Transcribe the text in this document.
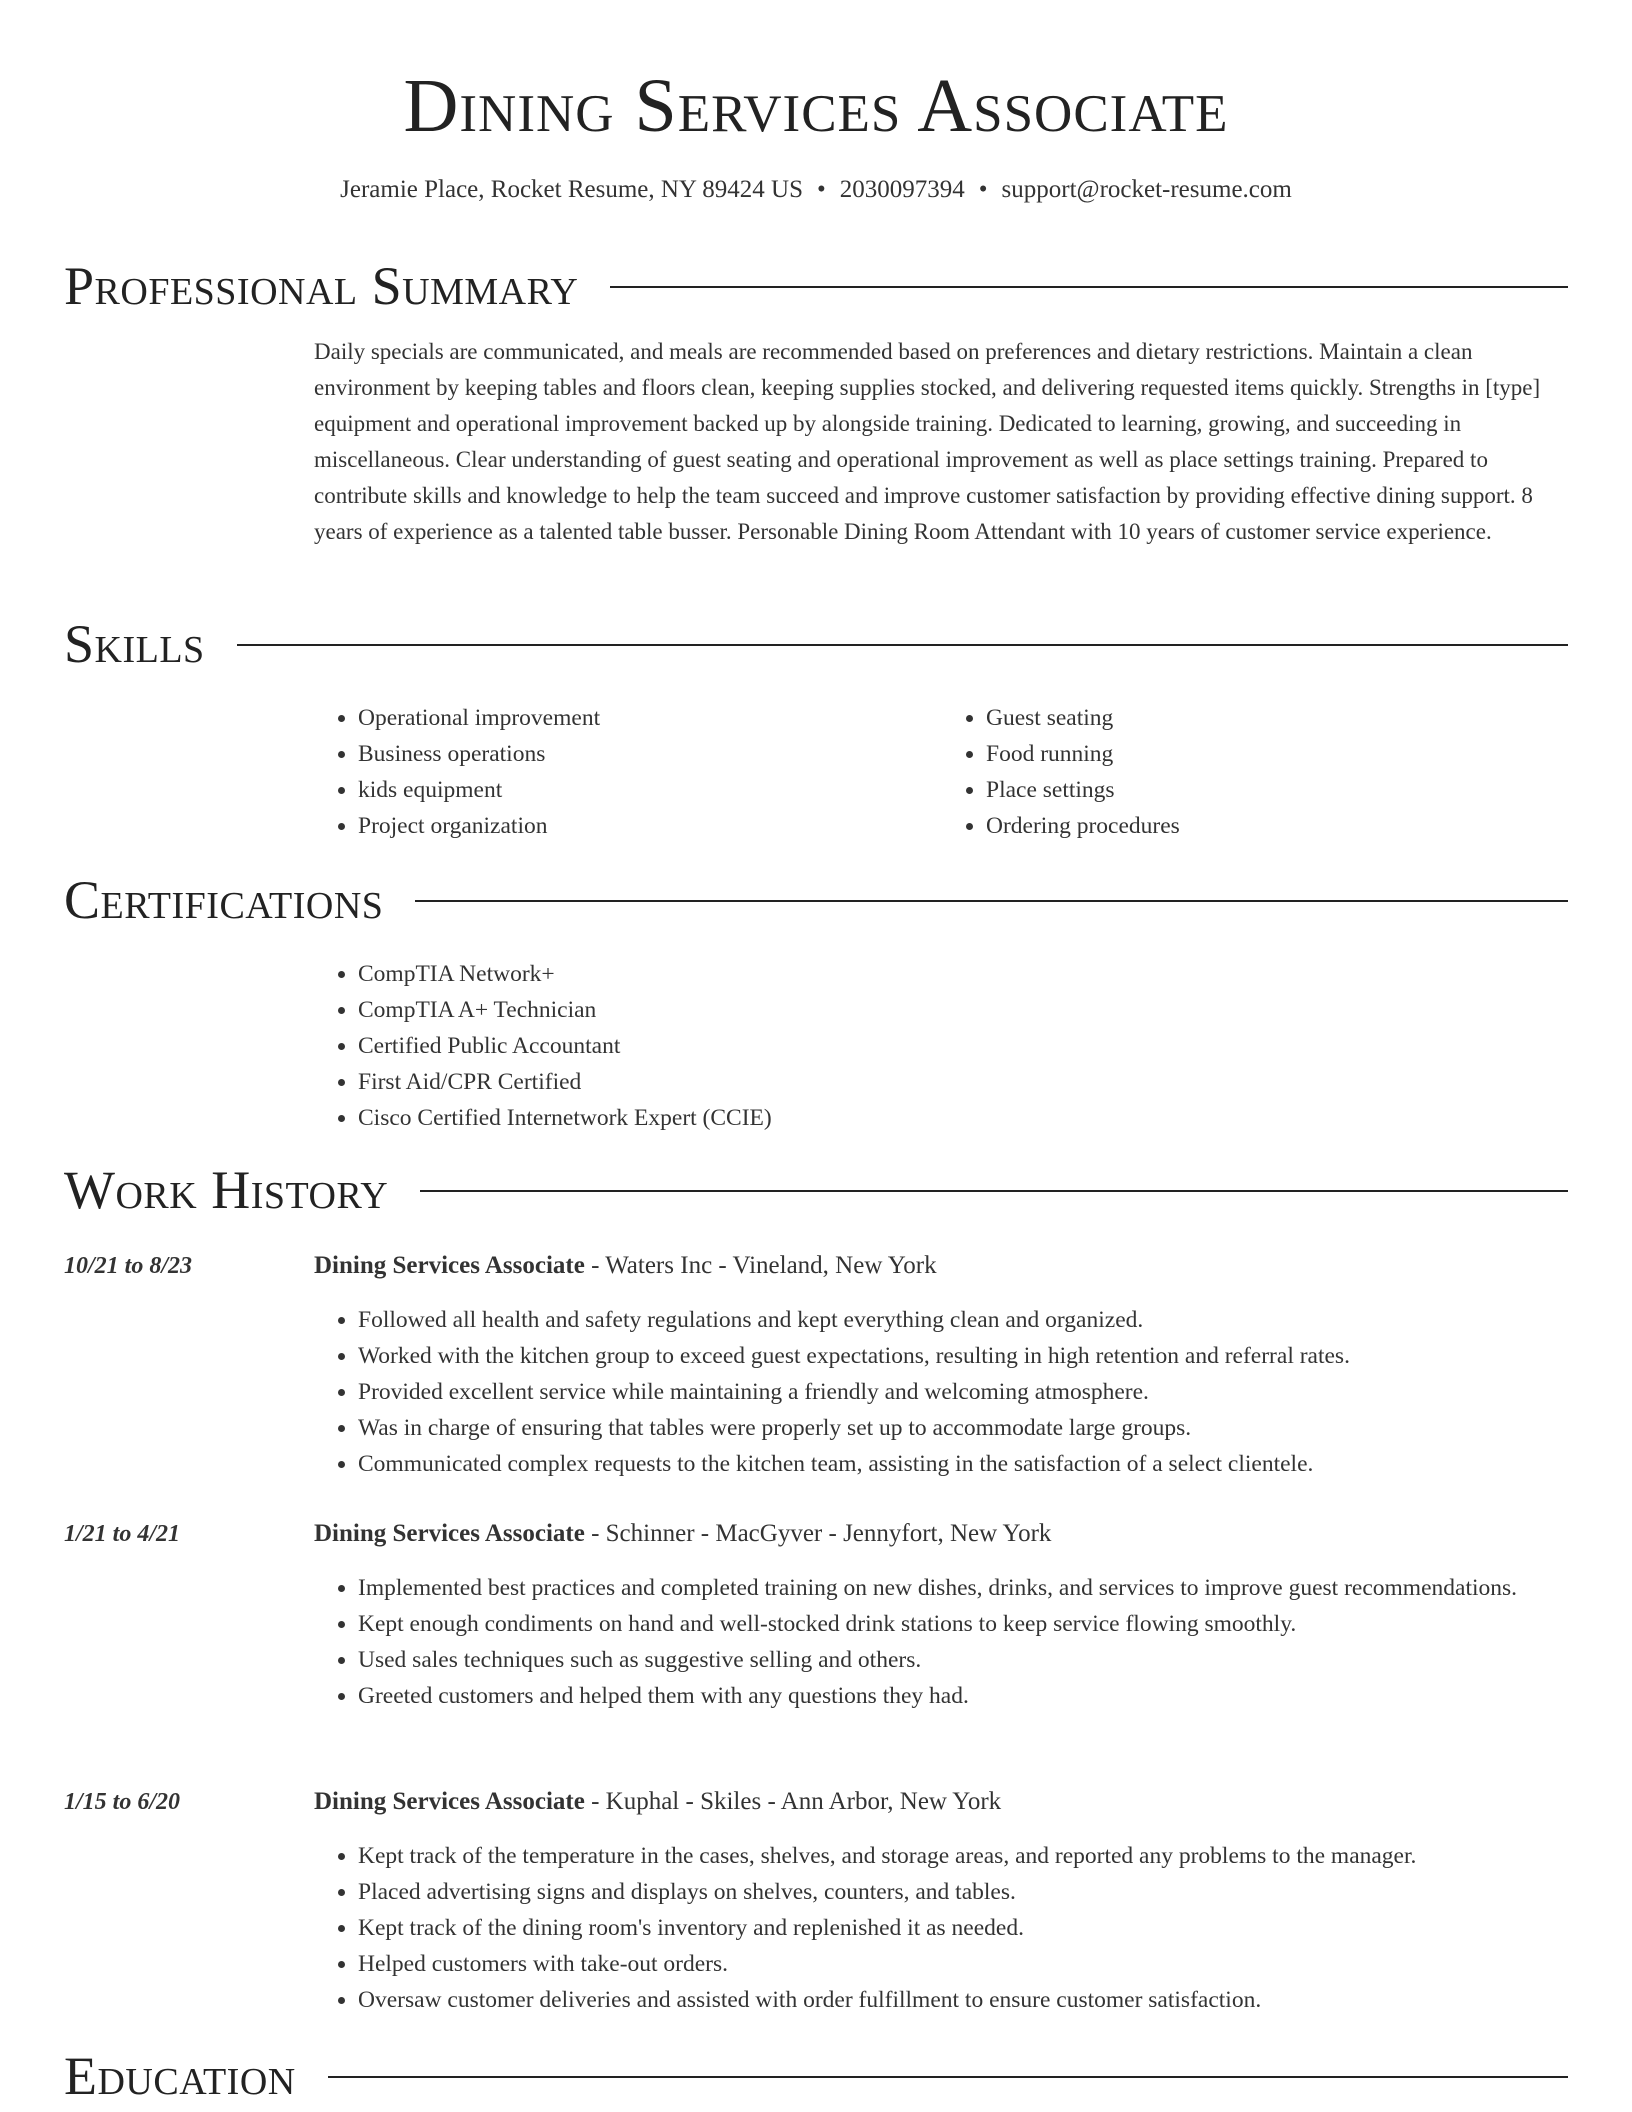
Dining Services Associate
Jeramie Place, Rocket Resume, NY 89424 US • 2030097394 • support@rocket-resume.com
Professional Summary
Daily specials are communicated, and meals are recommended based on preferences and dietary restrictions. Maintain a clean environment by keeping tables and floors clean, keeping supplies stocked, and delivering requested items quickly. Strengths in [type] equipment and operational improvement backed up by alongside training. Dedicated to learning, growing, and succeeding in miscellaneous. Clear understanding of guest seating and operational improvement as well as place settings training. Prepared to contribute skills and knowledge to help the team succeed and improve customer satisfaction by providing effective dining support. 8 years of experience as a talented table busser. Personable Dining Room Attendant with 10 years of customer service experience.
Skills
• Operational improvement
• Business operations
• kids equipment
• Project organization
• Guest seating
• Food running
• Place settings
• Ordering procedures
Certifications
• CompTIA Network+
• CompTIA A+ Technician
• Certified Public Accountant
• First Aid/CPR Certified
• Cisco Certified Internetwork Expert (CCIE)
Work History
10/21 to 8/23	Dining Services Associate - Waters Inc - Vineland, New York
• Followed all health and safety regulations and kept everything clean and organized.
• Worked with the kitchen group to exceed guest expectations, resulting in high retention and referral rates.
• Provided excellent service while maintaining a friendly and welcoming atmosphere.
• Was in charge of ensuring that tables were properly set up to accommodate large groups.
• Communicated complex requests to the kitchen team, assisting in the satisfaction of a select clientele.
1/21 to 4/21	Dining Services Associate - Schinner - MacGyver - Jennyfort, New York
• Implemented best practices and completed training on new dishes, drinks, and services to improve guest recommendations.
• Kept enough condiments on hand and well-stocked drink stations to keep service flowing smoothly.
• Used sales techniques such as suggestive selling and others.
• Greeted customers and helped them with any questions they had.
1/15 to 6/20	Dining Services Associate - Kuphal - Skiles - Ann Arbor, New York
• Kept track of the temperature in the cases, shelves, and storage areas, and reported any problems to the manager.
• Placed advertising signs and displays on shelves, counters, and tables.
• Kept track of the dining room's inventory and replenished it as needed.
• Helped customers with take-out orders.
• Oversaw customer deliveries and assisted with order fulfillment to ensure customer satisfaction.
Education
